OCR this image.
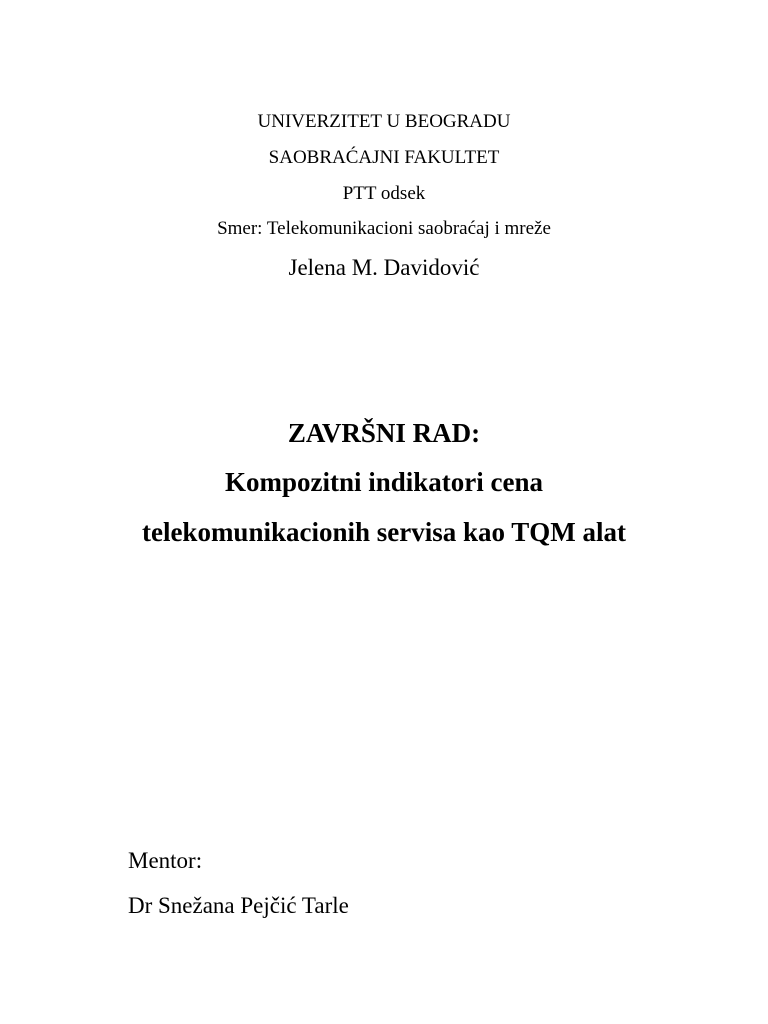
UNIVERZITET U BEOGRADU
SAOBRAĆAJNI FAKULTET
PTT odsek
Smer: Telekomunikacioni saobraćaj i mreže
Jelena M. Davidović
ZAVRŠNI RAD:
Kompozitni indikatori cena
telekomunikacionih servisa kao TQM alat
Mentor:
Dr Snežana Pejčić Tarle
